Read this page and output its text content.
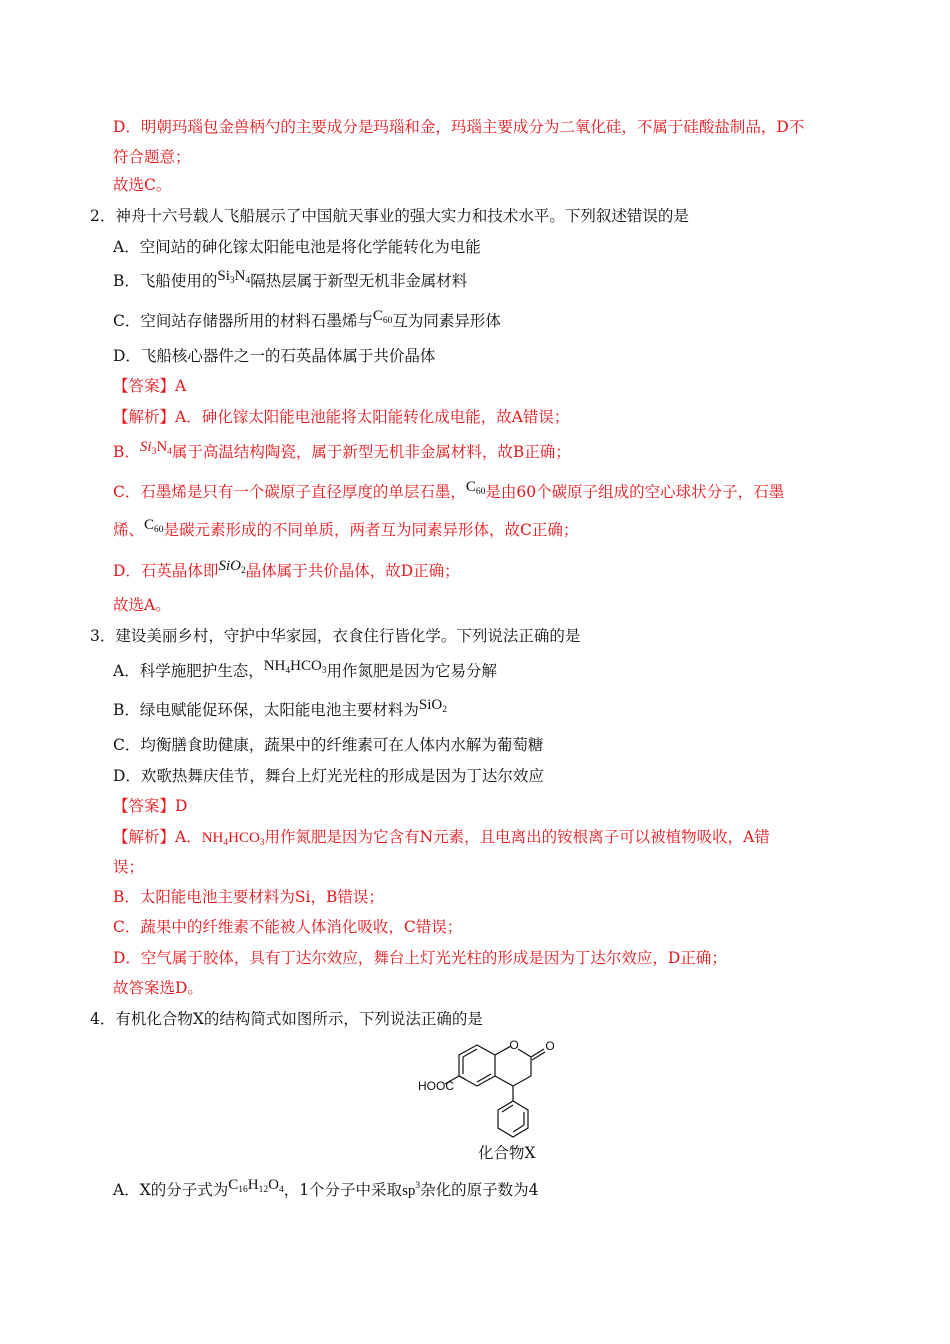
D．明朝玛瑙包金兽柄勺的主要成分是玛瑙和金，玛瑙主要成分为二氧化硅，不属于硅酸盐制品，D不
符合题意；
故选C。
2．神舟十六号载人飞船展示了中国航天事业的强大实力和技术水平。下列叙述错误的是
A．空间站的砷化镓太阳能电池是将化学能转化为电能
B．飞船使用的$Si_3N_4$隔热层属于新型无机非金属材料
C．空间站存储器所用的材料石墨烯与$C_{60}$互为同素异形体
D．飞船核心器件之一的石英晶体属于共价晶体
【答案】A
【解析】A．砷化镓太阳能电池能将太阳能转化成电能，故A错误；
B．$Si_3N_4$属于高温结构陶瓷，属于新型无机非金属材料，故B正确；
C．石墨烯是只有一个碳原子直径厚度的单层石墨，$C_{60}$是由60个碳原子组成的空心球状分子，石墨
烯、$C_{60}$是碳元素形成的不同单质，两者互为同素异形体，故C正确；
D．石英晶体即SiO$_2$晶体属于共价晶体，故D正确；
故选A。
3．建设美丽乡村，守护中华家园，衣食住行皆化学。下列说法正确的是
A．科学施肥护生态，$NH_4HCO_3$用作氮肥是因为它易分解
B．绿电赋能促环保，太阳能电池主要材料为SiO$_2$
C．均衡膳食助健康，蔬果中的纤维素可在人体内水解为葡萄糖
D．欢歌热舞庆佳节，舞台上灯光光柱的形成是因为丁达尔效应
【答案】D
【解析】A．$NH_4HCO_3$用作氮肥是因为它含有N元素，且电离出的铵根离子可以被植物吸收，A错
误；
B．太阳能电池主要材料为Si，B错误；
C．蔬果中的纤维素不能被人体消化吸收，C错误；
D．空气属于胶体，具有丁达尔效应，舞台上灯光光柱的形成是因为丁达尔效应，D正确；
故答案选D。
4．有机化合物X的结构简式如图所示，下列说法正确的是
O O
HOOC
化合物X
A．X的分子式为$C_{16}H_{12}O_4$，1个分子中采取$sp^3$杂化的原子数为4
